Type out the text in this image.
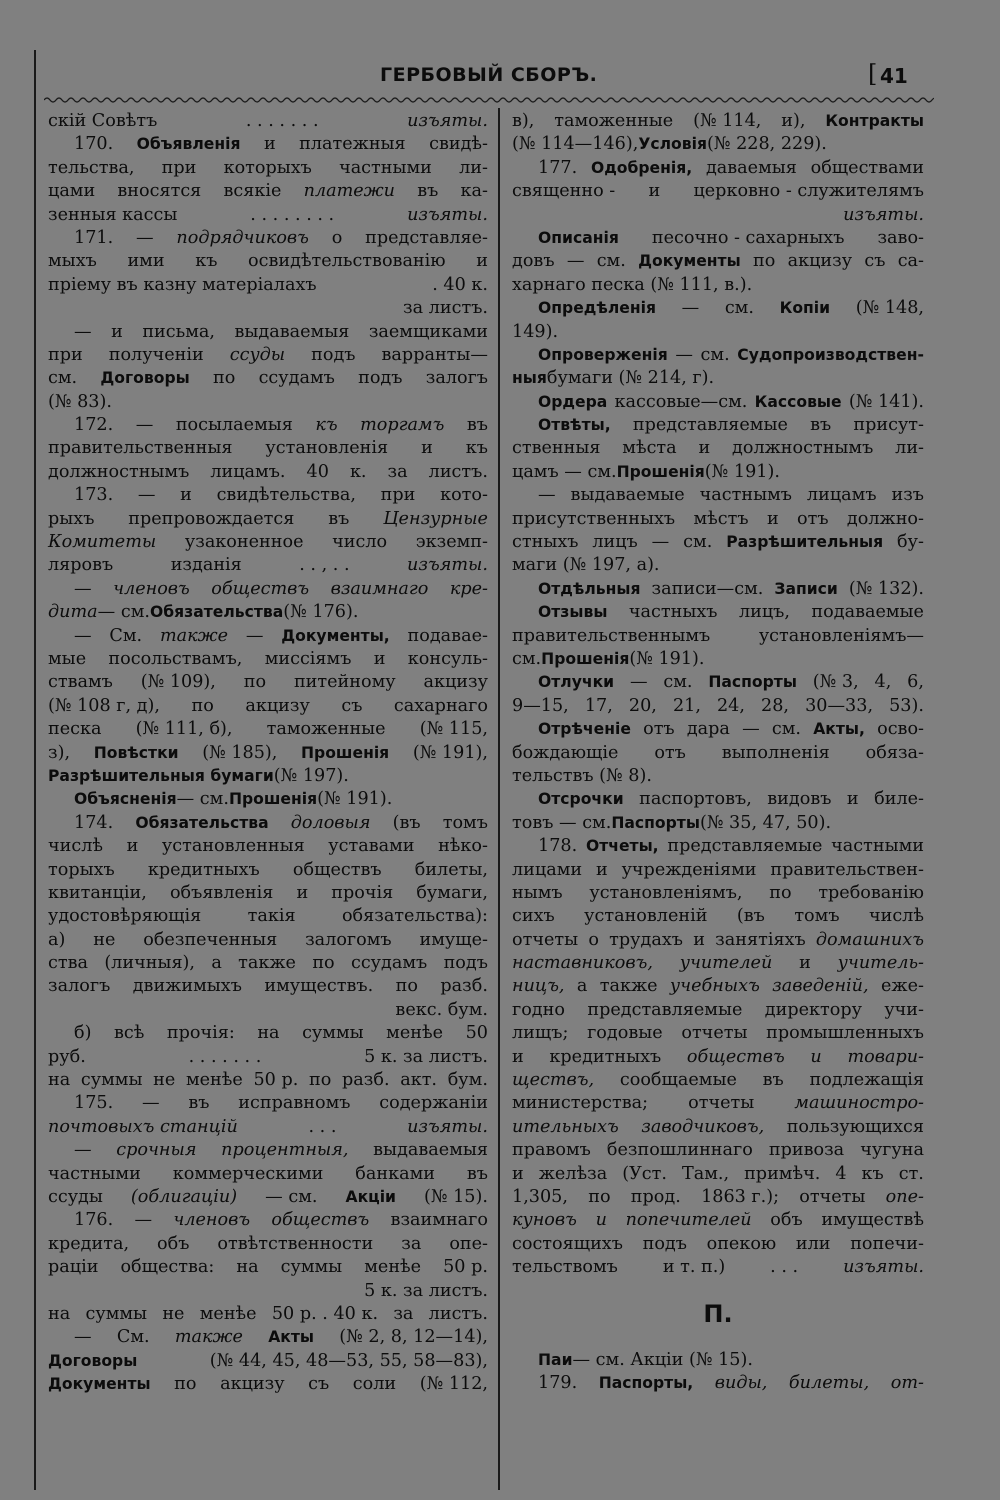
ГЕРБОВЫЙ СБОРЪ.	[ 41
скій Совѣтъ	. . . . . . .	изъяты.
170. Объявленія и платежныя свидѣ-
тельства, при которыхъ частными ли-
цами вносятся всякіе платежи въ ка-
зенныя кассы	. . . . . . . .	изъяты.
171. — подрядчиковъ о представляе-
мыхъ ими къ освидѣтельствованію и
пріему въ казну матеріалахъ	. 40 к.
за листъ.
— и письма, выдаваемыя заемщиками
при полученіи ссуды подъ варранты—
см. Договоры по ссудамъ подъ залогъ
(№ 83).
172. — посылаемыя къ торгамъ въ
правительственныя установленія и къ
должностнымъ лицамъ. 40 к. за листъ.
173. — и свидѣтельства, при кото-
рыхъ препровождается въ Цензурные
Комитеты узаконенное число экземп-
ляровъ	изданія	. . , . .	изъяты.
— членовъ обществъ взаимнаго кре-
дита — см. Обязательства (№ 176).
— См. также — Документы, подавае-
мые посольствамъ, миссіямъ и консуль-
ствамъ (№ 109), по питейному акцизу
(№ 108 г, д), по акцизу съ сахарнаго
песка (№ 111, б), таможенные (№ 115,
з), Повѣстки (№ 185), Прошенія (№ 191),
Разрѣшительныя бумаги (№ 197).
Объясненія — см. Прошенія (№ 191).
174. Обязательства доловыя (въ томъ
числѣ и установленныя уставами нѣко-
торыхъ кредитныхъ обществъ билеты,
квитанціи, объявленія и прочія бумаги,
удостовѣряющія	такія	обязательства):
а) не обезпеченныя залогомъ имуще-
ства (личныя), а также по ссудамъ подъ
залогъ движимыхъ имуществъ. по разб.
векс. бум.
б) всѣ прочія: на суммы менѣе 50
руб.	. . . . . . .	5 к. за листъ.
на суммы не менѣе 50 р. по разб. акт. бум.
175. — въ исправномъ содержаніи
почтовыхъ станцій	. . .	изъяты.
— срочныя процентныя, выдаваемыя
частными коммерческими банками въ
ссуды (облигаціи) — см. Акціи (№ 15).
176. — членовъ обществъ взаимнаго
кредита, объ отвѣтственности за опе-
раціи общества: на суммы менѣе 50 р.
5 к. за листъ.
на суммы не менѣе 50 р. . 40 к. за листъ.
— См. также Акты (№ 2, 8, 12—14),
Договоры	(№ 44, 45, 48—53, 55, 58—83),
Документы по акцизу съ соли (№ 112,
в), таможенные (№ 114, и), Контракты
(№ 114—146), Условія (№ 228, 229).
177. Одобренія, даваемыя обществами
священно - и церковно - служителямъ
изъяты.
Описанія песочно - сахарныхъ заво-
довъ — см. Документы по акцизу съ са-
харнаго песка (№ 111, в.).
Опредѣленія — см. Копіи (№ 148,
149).
Опроверженія — см. Судопроизводствен-
ныя бумаги (№ 214, г).
Ордера кассовые—см. Кассовые (№ 141).
Отвѣты, представляемые въ присут-
ственныя мѣста и должностнымъ ли-
цамъ — см. Прошенія (№ 191).
— выдаваемые частнымъ лицамъ изъ
присутственныхъ мѣстъ и отъ должно-
стныхъ лицъ — см. Разрѣшительныя бу-
маги (№ 197, а).
Отдѣльныя записи—см. Записи (№ 132).
Отзывы частныхъ лицъ, подаваемые
правительственнымъ	установленіямъ—
см. Прошенія (№ 191).
Отлучки — см. Паспорты (№ 3, 4, 6,
9—15, 17, 20, 21, 24, 28, 30—33, 53).
Отрѣченіе отъ дара — см. Акты, осво-
бождающіе отъ выполненія обяза-
тельствъ (№ 8).
Отсрочки паспортовъ, видовъ и биле-
товъ — см. Паспорты (№ 35, 47, 50).
178. Отчеты, представляемые частными
лицами и учрежденіями правительствен-
нымъ установленіямъ, по требованію
сихъ установленій (въ томъ числѣ
отчеты о трудахъ и занятіяхъ домашнихъ
наставниковъ, учителей и учитель-
ницъ, а также учебныхъ заведеній, еже-
годно представляемые директору учи-
лищъ; годовые отчеты промышленныхъ
и кредитныхъ обществъ и товари-
ществъ, сообщаемые въ подлежащія
министерства; отчеты машиностро-
ительныхъ заводчиковъ, пользующихся
правомъ безпошлиннаго привоза чугуна
и желѣза (Уст. Там., примѣч. 4 къ ст.
1,305, по прод. 1863 г.); отчеты опе-
куновъ и попечителей объ имуществѣ
состоящихъ подъ опекою или попечи-
тельствомъ	и т. п.)	. . .	изъяты.
П.
Паи — см. Акціи (№ 15).
179. Паспорты, виды, билеты, от-
